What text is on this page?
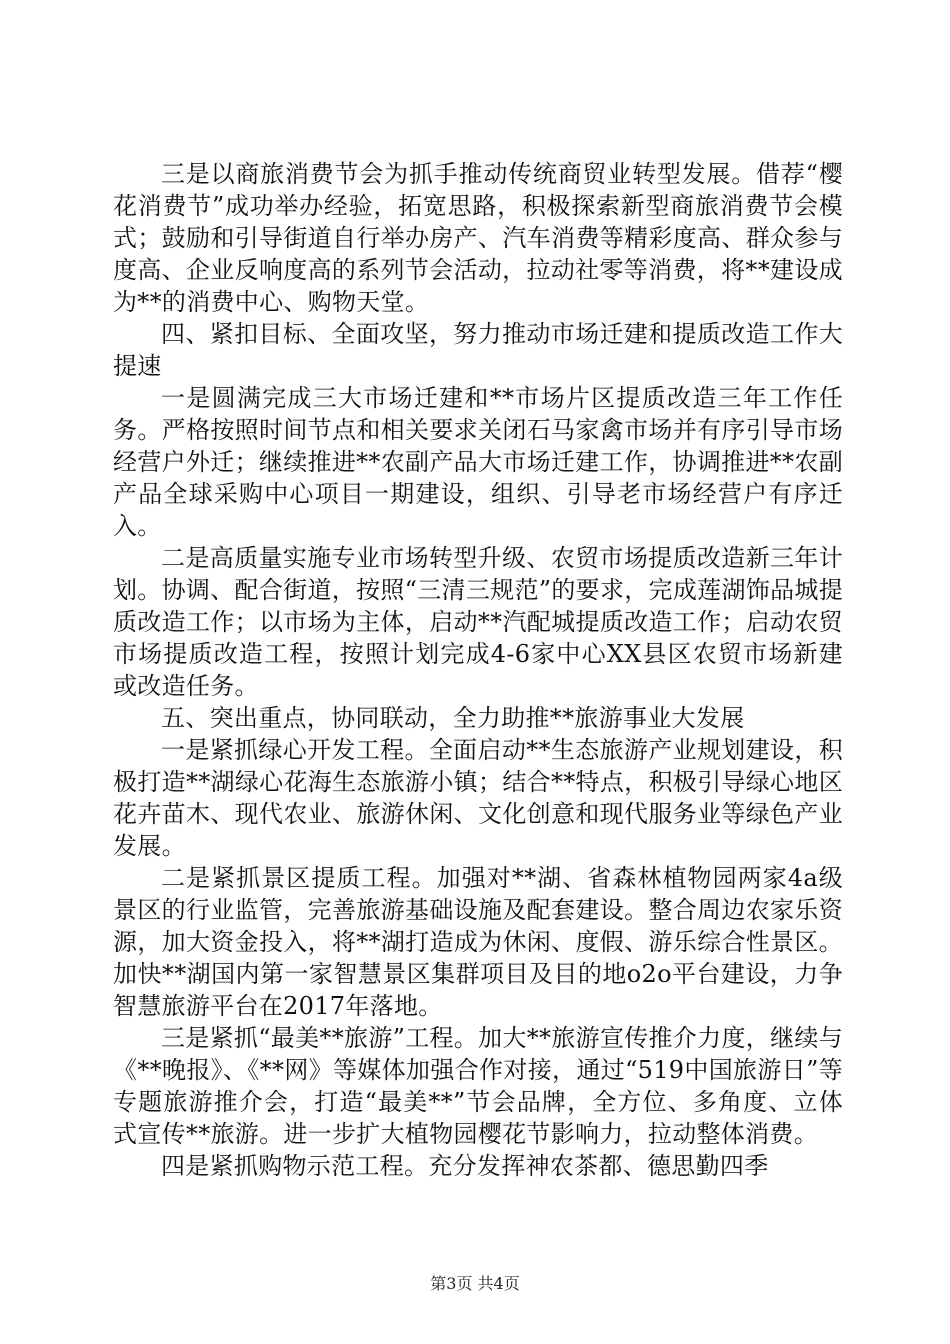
三是以商旅消费节会为抓手推动传统商贸业转型发展。借荐“樱花消费节”成功举办经验，拓宽思路，积极探索新型商旅消费节会模式；鼓励和引导街道自行举办房产、汽车消费等精彩度高、群众参与度高、企业反响度高的系列节会活动，拉动社零等消费，将**建设成为**的消费中心、购物天堂。

四、紧扣目标、全面攻坚，努力推动市场迁建和提质改造工作大提速

一是圆满完成三大市场迁建和**市场片区提质改造三年工作任务。严格按照时间节点和相关要求关闭石马家禽市场并有序引导市场经营户外迁；继续推进**农副产品大市场迁建工作，协调推进**农副产品全球采购中心项目一期建设，组织、引导老市场经营户有序迁入。

二是高质量实施专业市场转型升级、农贸市场提质改造新三年计划。协调、配合街道，按照“三清三规范”的要求，完成莲湖饰品城提质改造工作；以市场为主体，启动**汽配城提质改造工作；启动农贸市场提质改造工程，按照计划完成4-6家中心XX县区农贸市场新建或改造任务。

五、突出重点，协同联动，全力助推**旅游事业大发展

一是紧抓绿心开发工程。全面启动**生态旅游产业规划建设，积极打造**湖绿心花海生态旅游小镇；结合**特点，积极引导绿心地区花卉苗木、现代农业、旅游休闲、文化创意和现代服务业等绿色产业发展。

二是紧抓景区提质工程。加强对**湖、省森林植物园两家4a级景区的行业监管，完善旅游基础设施及配套建设。整合周边农家乐资源，加大资金投入，将**湖打造成为休闲、度假、游乐综合性景区。加快**湖国内第一家智慧景区集群项目及目的地o2o平台建设，力争智慧旅游平台在2017年落地。

三是紧抓“最美**旅游”工程。加大**旅游宣传推介力度，继续与《**晚报》、《**网》等媒体加强合作对接，通过“519中国旅游日”等专题旅游推介会，打造“最美**”节会品牌，全方位、多角度、立体式宣传**旅游。进一步扩大植物园樱花节影响力，拉动整体消费。

四是紧抓购物示范工程。充分发挥神农茶都、德思勤四季

第3页 共4页
